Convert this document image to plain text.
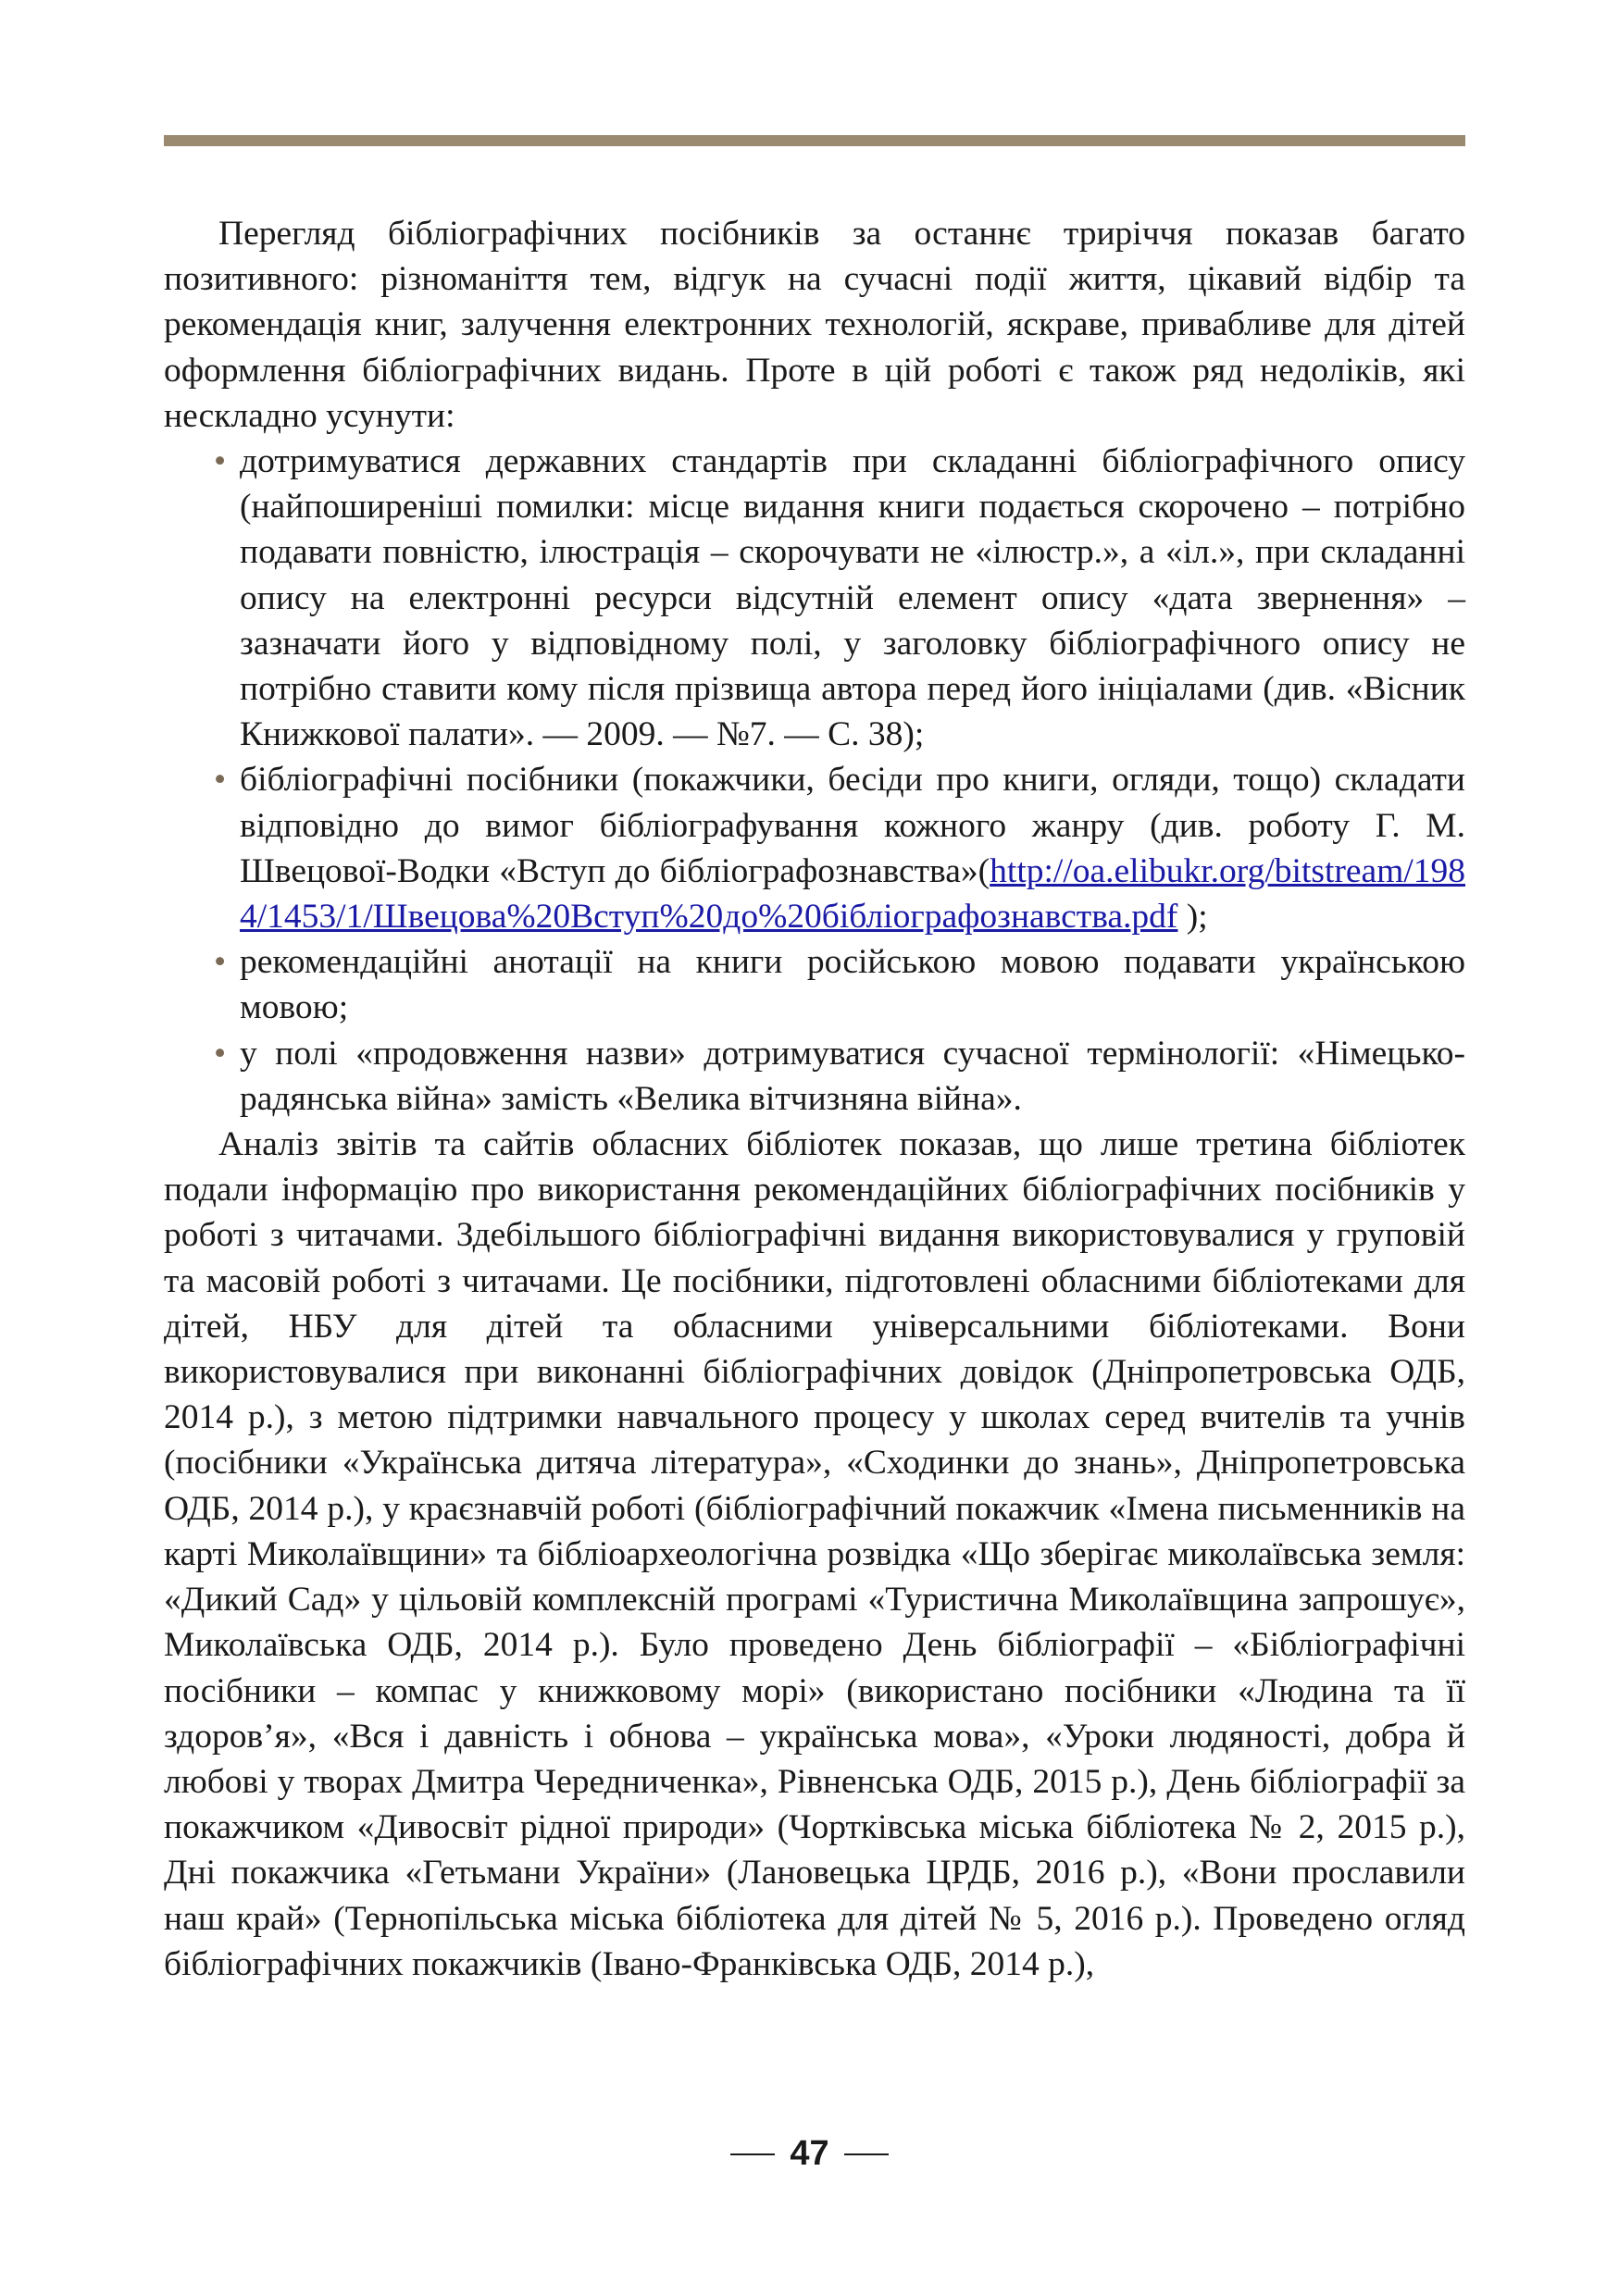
Перегляд бібліографічних посібників за останнє триріччя показав багато позитивного: різноманіття тем, відгук на сучасні події життя, цікавий відбір та рекомендація книг, залучення електронних технологій, яскраве, привабливе для дітей оформлення бібліографічних видань. Проте в цій роботі є також ряд недоліків, які нескладно усунути:

• дотримуватися державних стандартів при складанні бібліографічного опису (найпоширеніші помилки: місце видання книги подається скорочено – потрібно подавати повністю, ілюстрація – скорочувати не «ілюстр.», а «іл.», при складанні опису на електронні ресурси відсутній елемент опису «дата звернення» – зазначати його у відповідному полі, у заголовку бібліографічного опису не потрібно ставити кому після прізвища автора перед його ініціалами (див. «Вісник Книжкової палати». — 2009. — №7. — С. 38);
• бібліографічні посібники (покажчики, бесіди про книги, огляди, тощо) складати відповідно до вимог бібліографування кожного жанру (див. роботу Г. М. Швецової-Водки «Вступ до бібліографознавства»(http://oa.elibukr.org/bitstream/1984/1453/1/Швецова%20Вступ%20до%20бібліографознавства.pdf );
• рекомендаційні анотації на книги російською мовою подавати українською мовою;
• у полі «продовження назви» дотримуватися сучасної термінології: «Німецько-радянська війна» замість «Велика вітчизняна війна».

Аналіз звітів та сайтів обласних бібліотек показав, що лише третина бібліотек подали інформацію про використання рекомендаційних бібліографічних посібників у роботі з читачами. Здебільшого бібліографічні видання використовувалися у груповій та масовій роботі з читачами. Це посібники, підготовлені обласними бібліотеками для дітей, НБУ для дітей та обласними універсальними бібліотеками. Вони використовувалися при виконанні бібліографічних довідок (Дніпропетровська ОДБ, 2014 р.), з метою підтримки навчального процесу у школах серед вчителів та учнів (посібники «Українська дитяча література», «Сходинки до знань», Дніпропетровська ОДБ, 2014 р.), у краєзнавчій роботі (бібліографічний покажчик «Імена письменників на карті Миколаївщини» та бібліоархеологічна розвідка «Що зберігає миколаївська земля: «Дикий Сад» у цільовій комплексній програмі «Туристична Миколаївщина запрошує», Миколаївська ОДБ, 2014 р.). Було проведено День бібліографії – «Бібліографічні посібники – компас у книжковому морі» (використано посібники «Людина та її здоров’я», «Вся і давність і обнова – українська мова», «Уроки людяності, добра й любові у творах Дмитра Чередниченка», Рівненська ОДБ, 2015 р.), День бібліографії за покажчиком «Дивосвіт рідної природи» (Чортківська міська бібліотека № 2, 2015 р.), Дні покажчика «Гетьмани України» (Лановецька ЦРДБ, 2016 р.), «Вони прославили наш край» (Тернопільська міська бібліотека для дітей № 5, 2016 р.). Проведено огляд бібліографічних покажчиків (Івано-Франківська ОДБ, 2014 р.),

47
